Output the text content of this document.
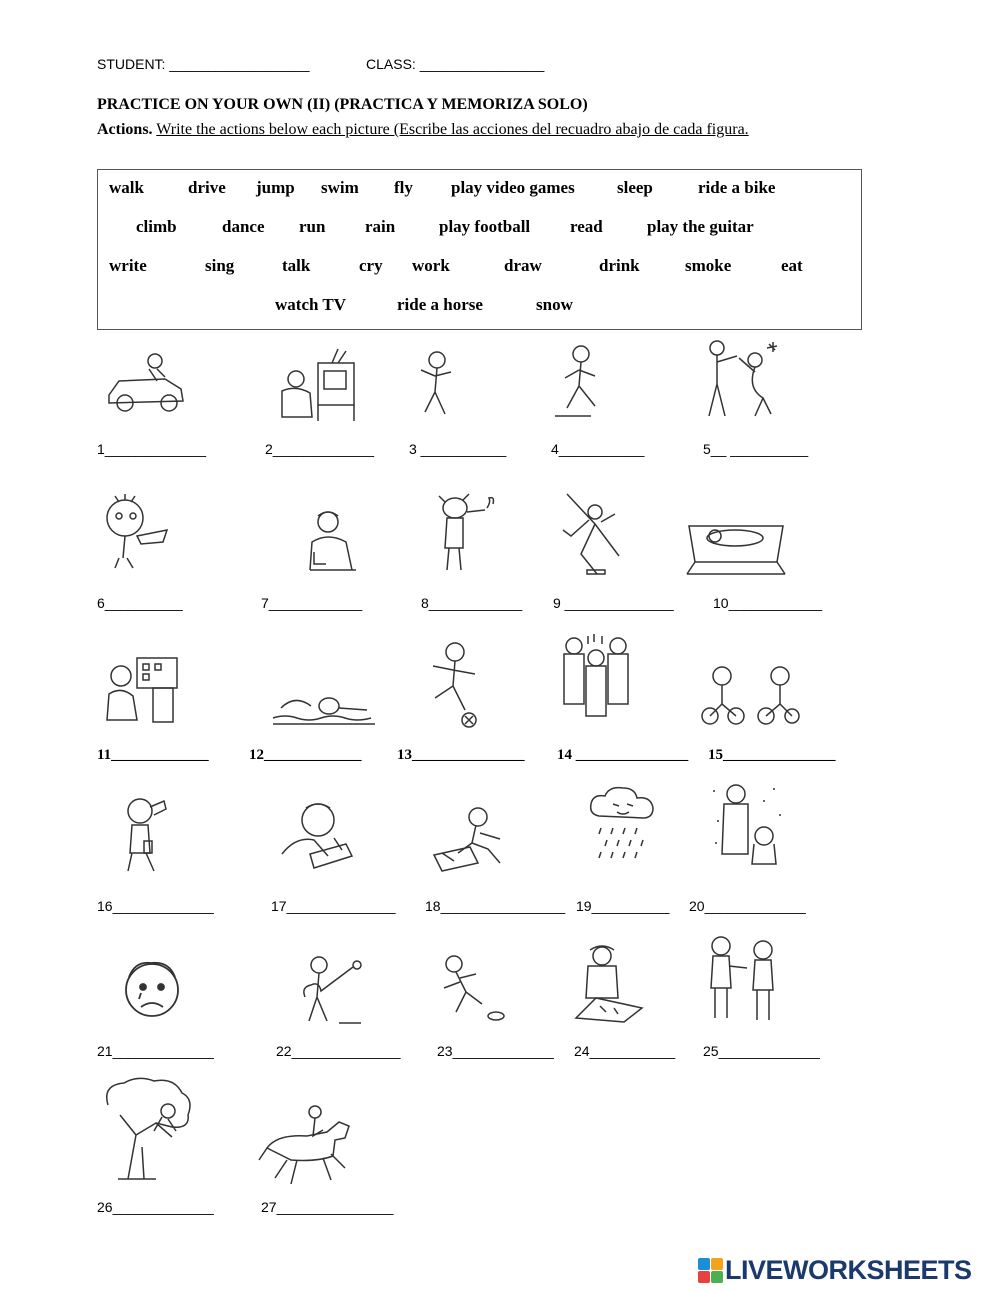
STUDENT: __________________	CLASS: ________________
PRACTICE ON YOUR OWN (II) (PRACTICA Y MEMORIZA SOLO)
Actions. Write the actions below each picture (Escribe las acciones del recuadro abajo de cada figura.
walk	drive jump swim fly play video games sleep	ride a bike
climb	dance run rain	play football read	play the guitar
write	sing	talk	cry work	draw	drink	smoke	eat
watch TV	ride a horse	snow
1_____________	2_____________ 3 ___________	4___________	5__ __________
6__________	7____________	8____________ 9 ______________	10____________
11_____________	12_____________ 13_______________ 14 _______________ 15_______________
16_____________	17______________ 18________________ 19__________ 20_____________
21_____________	22______________	23_____________ 24___________ 25_____________
26_____________	27_______________
LIVEWORKSHEETS
